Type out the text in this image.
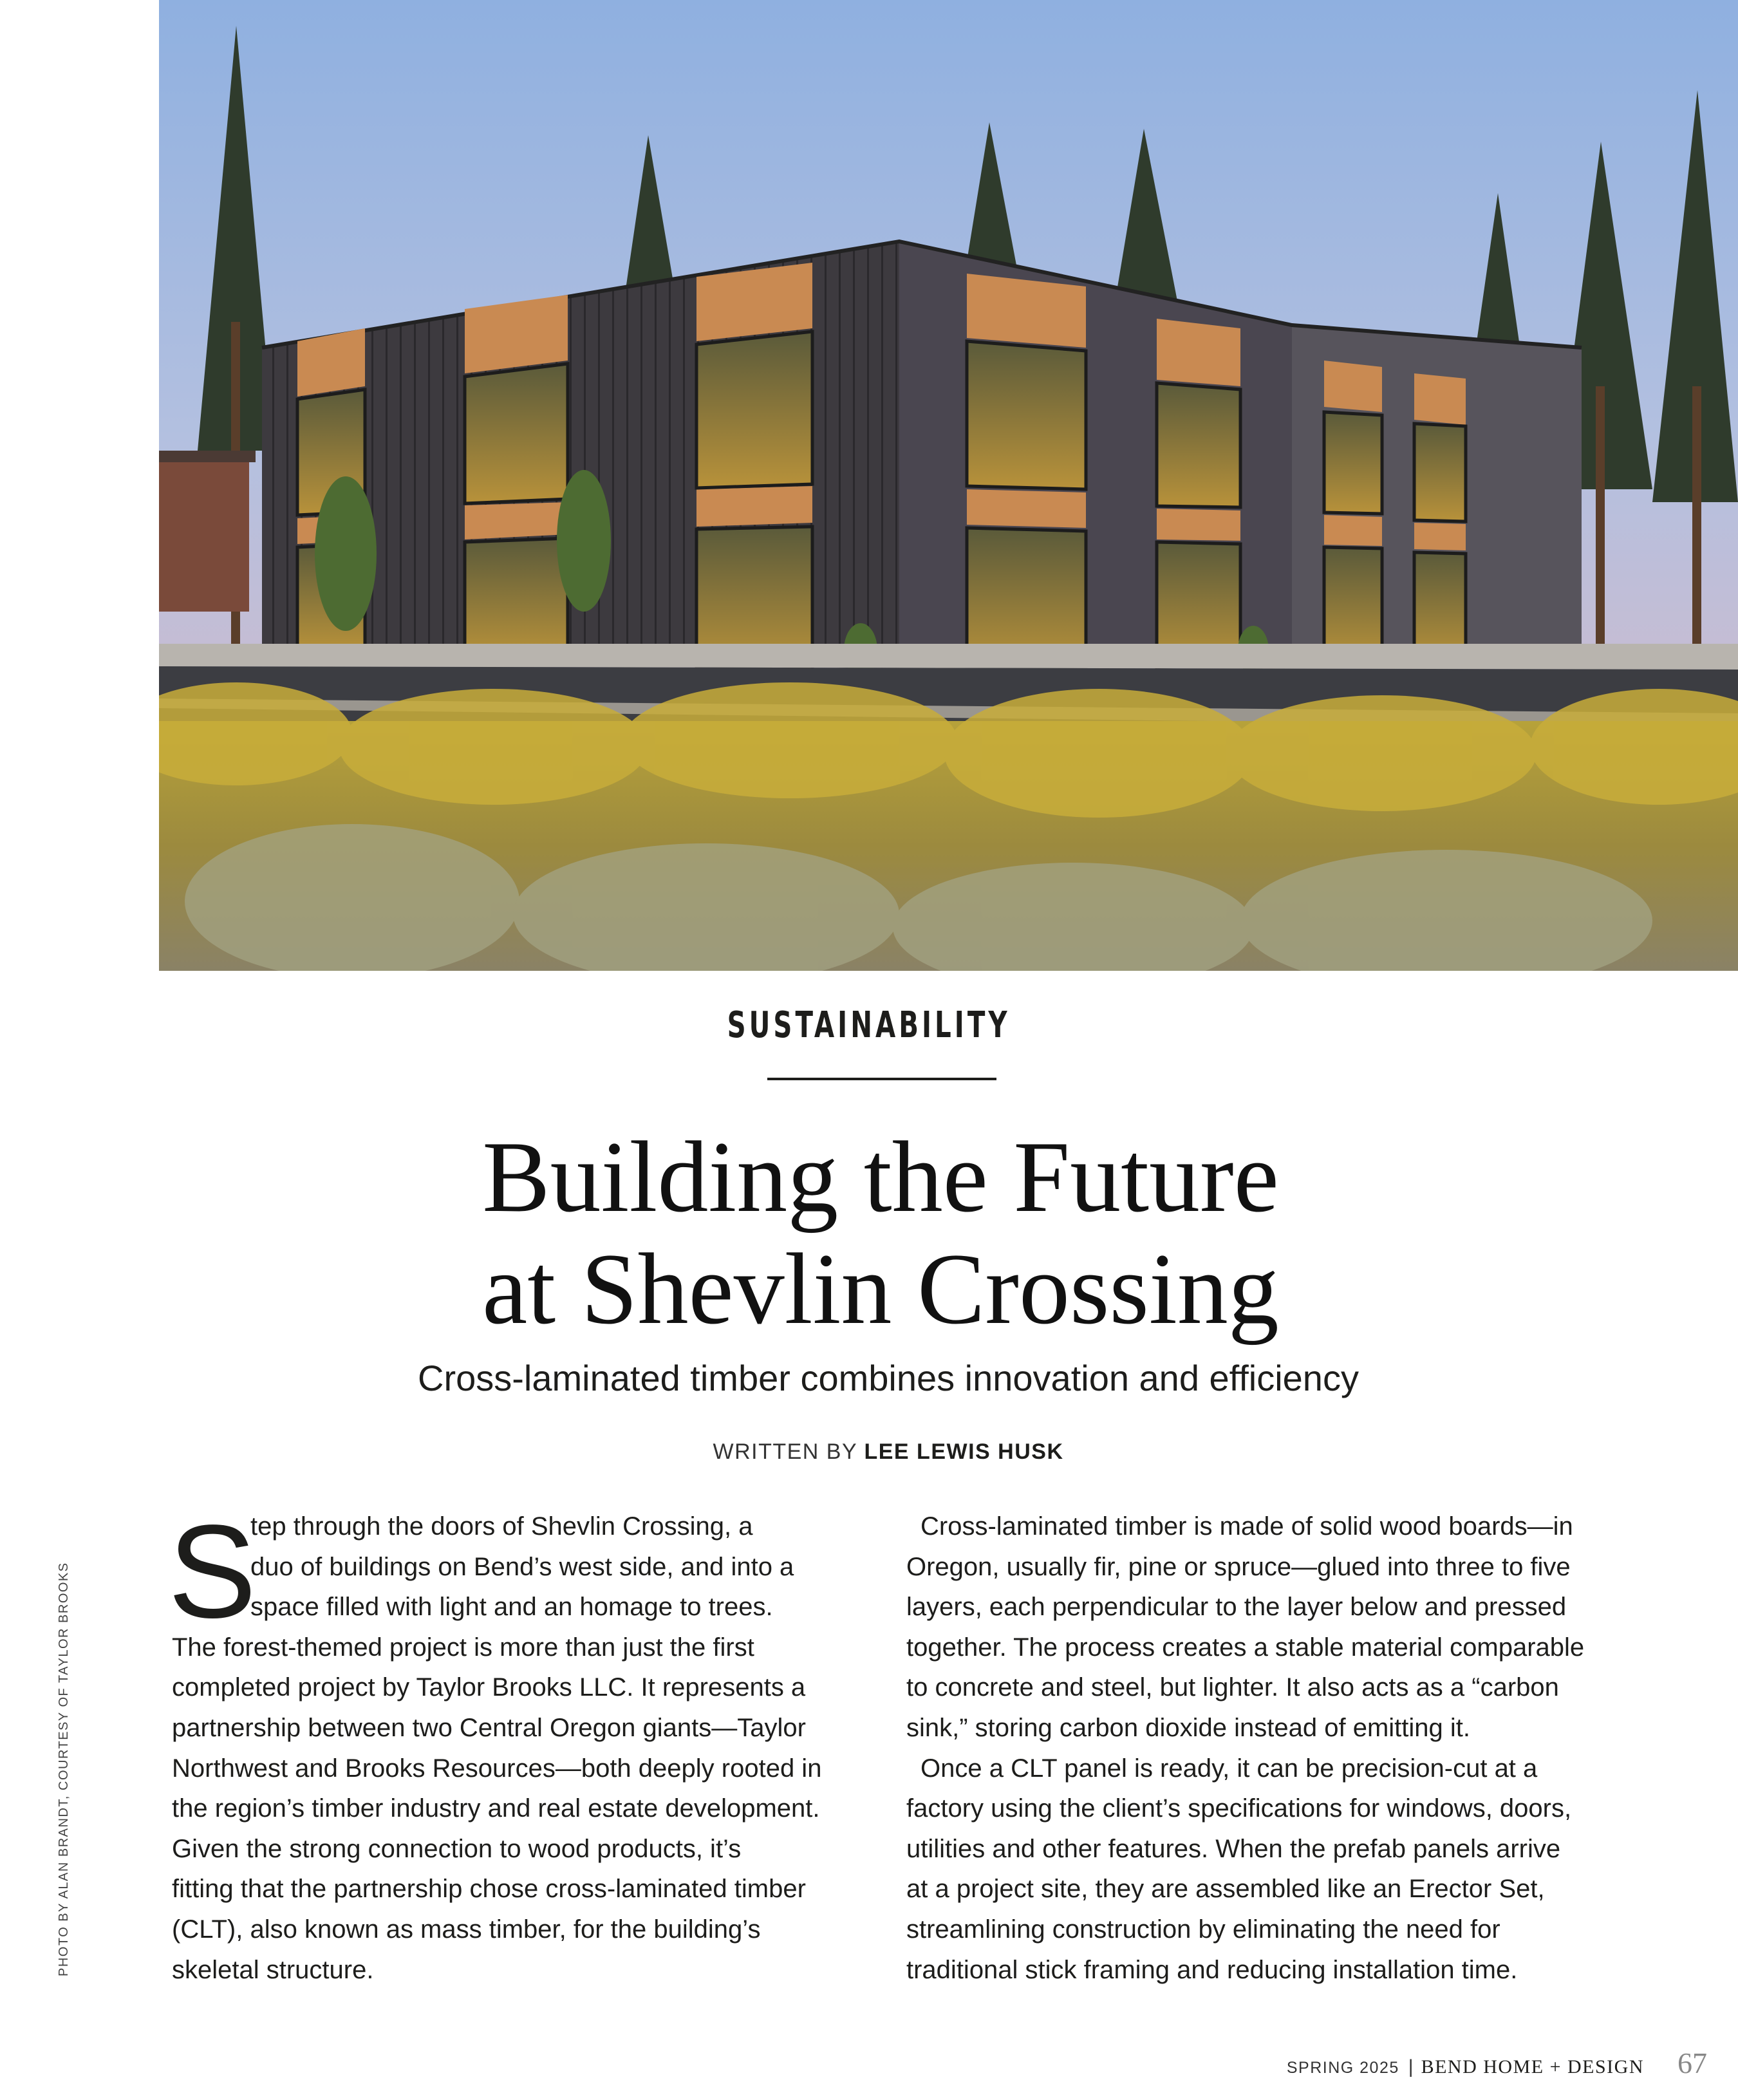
PHOTO BY ALAN BRANDT, COURTESY OF TAYLOR BROOKS
SUSTAINABILITY
Building the Future
at Shevlin Crossing
Cross-laminated timber combines innovation and efficiency
WRITTEN BY LEE LEWIS HUSK
S
tep through the doors of Shevlin Crossing, a
duo of buildings on Bend’s west side, and into a
space filled with light and an homage to trees.
The forest-themed project is more than just the first
completed project by Taylor Brooks LLC. It represents a
partnership between two Central Oregon giants—Taylor
Northwest and Brooks Resources—both deeply rooted in
the region’s timber industry and real estate development.
Given the strong connection to wood products, it’s
fitting that the partnership chose cross-laminated timber
(CLT), also known as mass timber, for the building’s
skeletal structure.
Cross-laminated timber is made of solid wood boards—in
Oregon, usually fir, pine or spruce—glued into three to five
layers, each perpendicular to the layer below and pressed
together. The process creates a stable material comparable
to concrete and steel, but lighter. It also acts as a “carbon
sink,” storing carbon dioxide instead of emitting it.
Once a CLT panel is ready, it can be precision-cut at a
factory using the client’s specifications for windows, doors,
utilities and other features. When the prefab panels arrive
at a project site, they are assembled like an Erector Set,
streamlining construction by eliminating the need for
traditional stick framing and reducing installation time.
SPRING 2025 | BEND HOME + DESIGN 67
